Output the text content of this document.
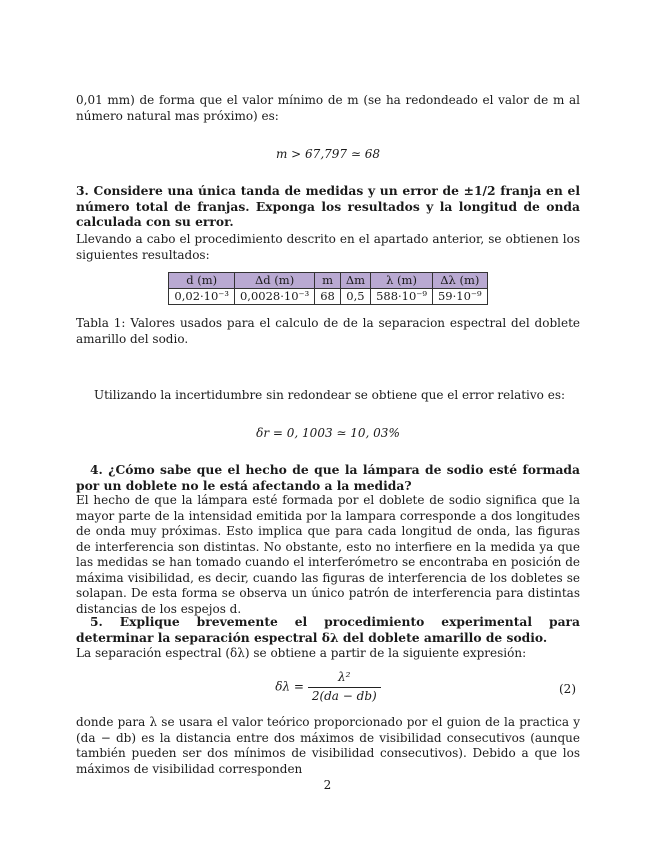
0,01 mm) de forma que el valor mínimo de m (se ha redondeado el valor de m al número natural mas próximo) es:

m > 67,797 ≃ 68

3. Considere una única tanda de medidas y un error de ±1/2 franja en el número total de franjas. Exponga los resultados y la longitud de onda calculada con su error.

Llevando a cabo el procedimiento descrito en el apartado anterior, se obtienen los siguientes resultados:

d (m)	Δd (m)	m	Δm	λ (m)	Δλ (m)
0,02·10⁻³	0,0028·10⁻³	68	0,5	588·10⁻⁹	59·10⁻⁹

Tabla 1: Valores usados para el calculo de de la separacion espectral del doblete amarillo del sodio.

Utilizando la incertidumbre sin redondear se obtiene que el error relativo es:

δr = 0, 1003 ≃ 10, 03%

4. ¿Cómo sabe que el hecho de que la lámpara de sodio esté formada por un doblete no le está afectando a la medida?

El hecho de que la lámpara esté formada por el doblete de sodio significa que la mayor parte de la intensidad emitida por la lampara corresponde a dos longitudes de onda muy próximas. Esto implica que para cada longitud de onda, las figuras de interferencia son distintas. No obstante, esto no interfiere en la medida ya que las medidas se han tomado cuando el interferómetro se encontraba en posición de máxima visibilidad, es decir, cuando las figuras de interferencia de los dobletes se solapan. De esta forma se observa un único patrón de interferencia para distintas distancias de los espejos d.

5. Explique brevemente el procedimiento experimental para determinar la separación espectral δλ del doblete amarillo de sodio.

La separación espectral (δλ) se obtiene a partir de la siguiente expresión:

$\delta\lambda = \frac{\text{λ²}}{2(da - db)}$	(2)

donde para λ se usara el valor teórico proporcionado por el guion de la practica y (da − db) es la distancia entre dos máximos de visibilidad consecutivos (aunque también pueden ser dos mínimos de visibilidad consecutivos). Debido a que los máximos de visibilidad corresponden

2
